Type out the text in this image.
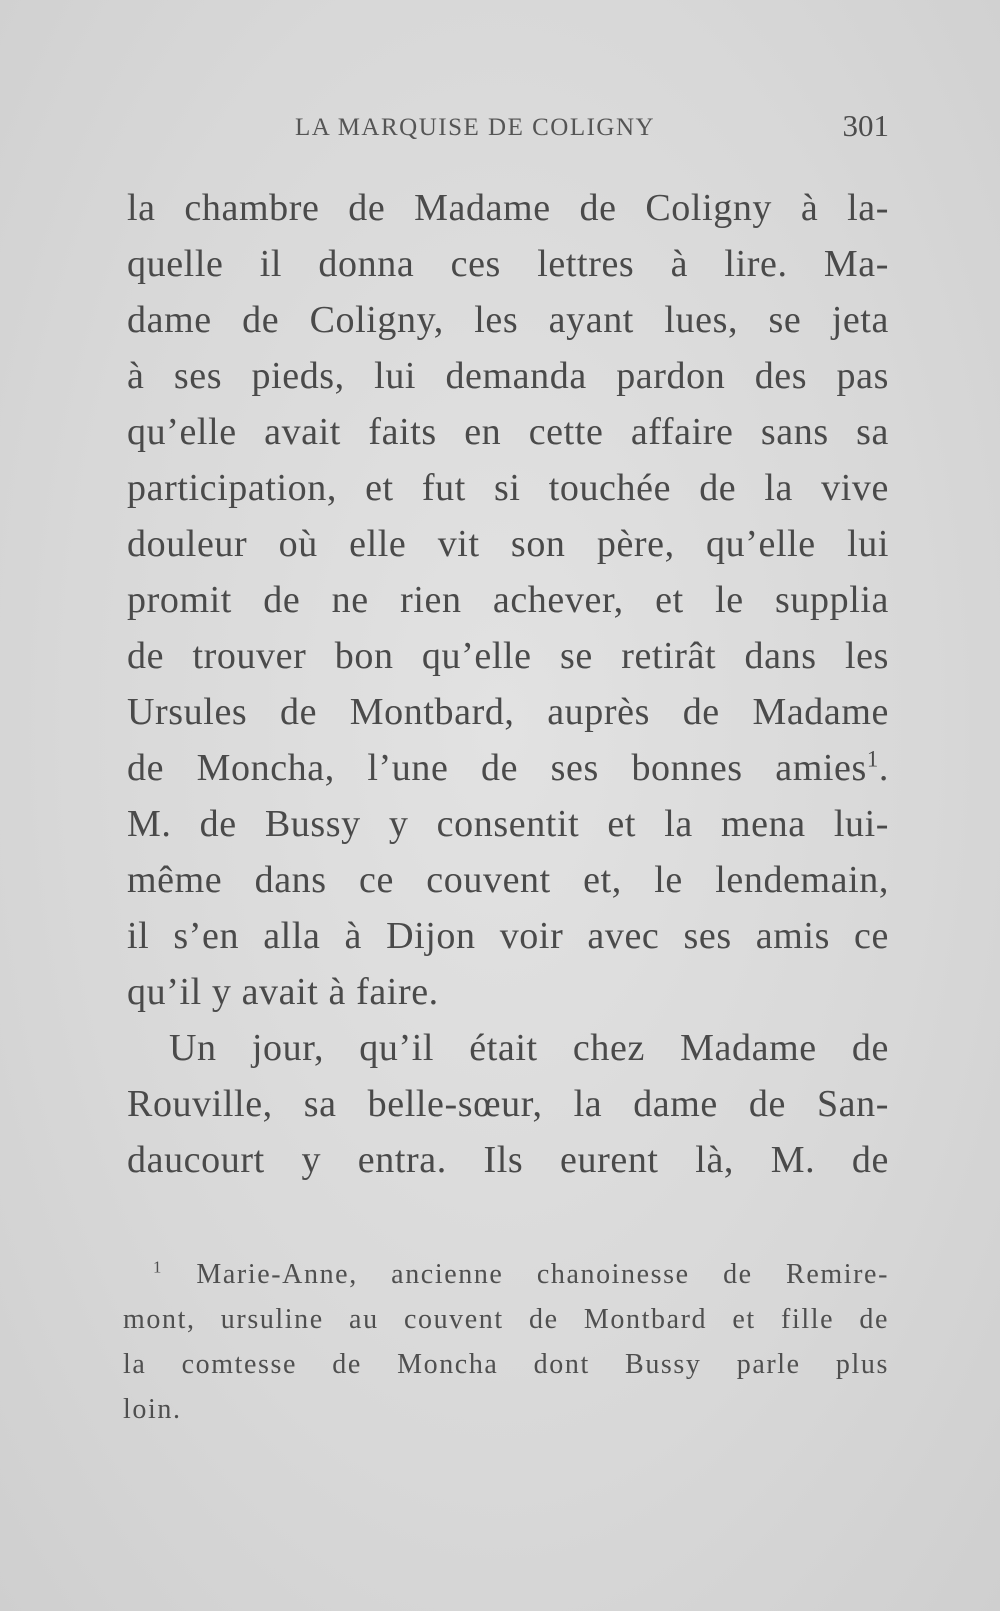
LA MARQUISE DE COLIGNY	301
la chambre de Madame de Coligny à la-
quelle il donna ces lettres à lire. Ma-
dame de Coligny, les ayant lues, se jeta
à ses pieds, lui demanda pardon des pas
qu’elle avait faits en cette affaire sans sa
participation, et fut si touchée de la vive
douleur où elle vit son père, qu’elle lui
promit de ne rien achever, et le supplia
de trouver bon qu’elle se retirât dans les
Ursules de Montbard, auprès de Madame
de Moncha, l’une de ses bonnes amies$^1$.
M. de Bussy y consentit et la mena lui-
même dans ce couvent et, le lendemain,
il s’en alla à Dijon voir avec ses amis ce
qu’il y avait à faire.
Un jour, qu’il était chez Madame de
Rouville, sa belle-sœur, la dame de San-
daucourt y entra. Ils eurent là, M. de
$^1$ Marie-Anne, ancienne chanoinesse de Remire-
mont, ursuline au couvent de Montbard et fille de
la comtesse de Moncha dont Bussy parle plus
loin.
